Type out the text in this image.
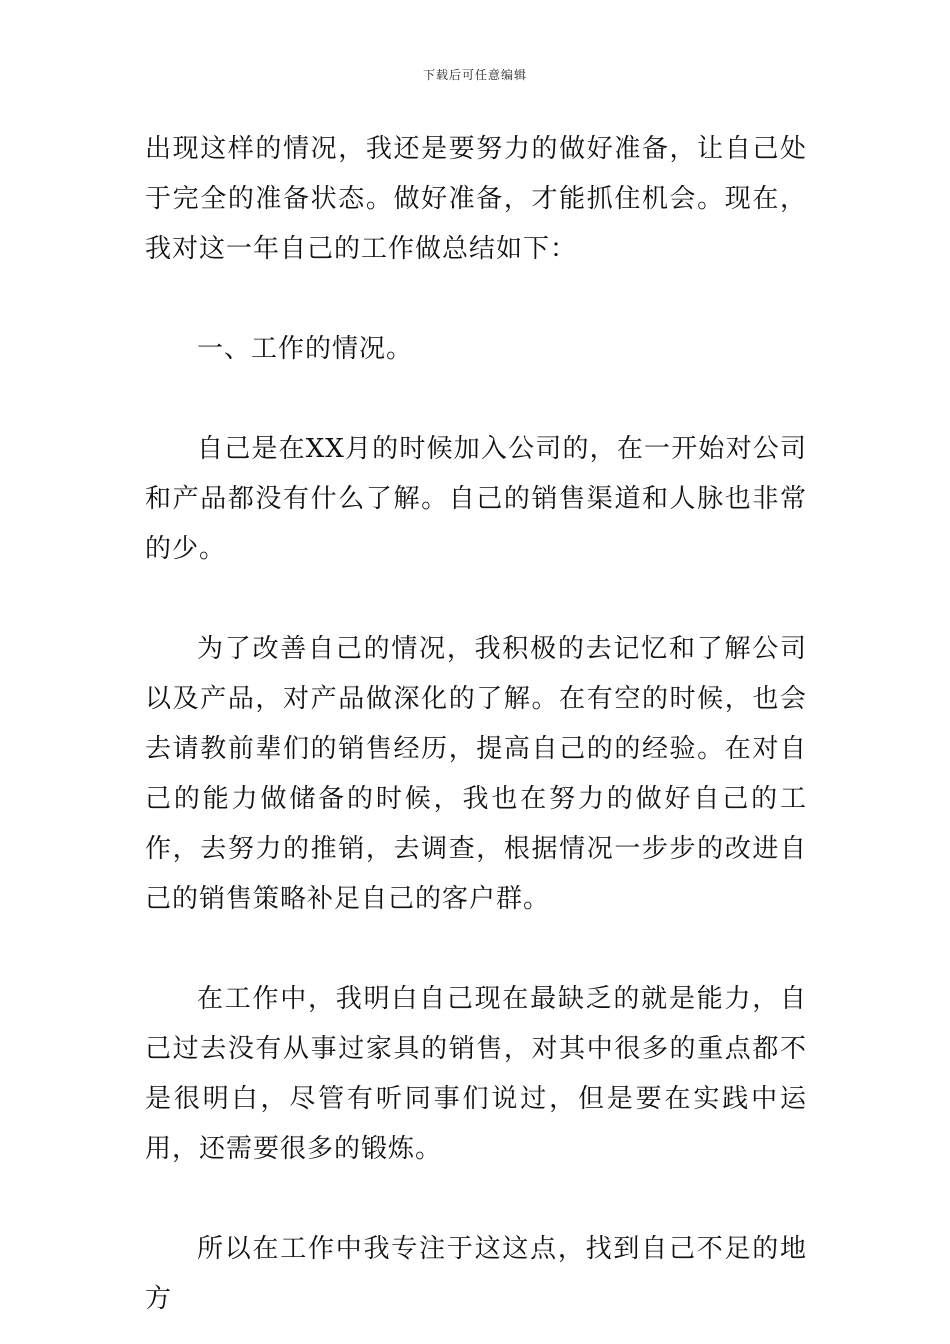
下载后可任意编辑

出现这样的情况，我还是要努力的做好准备，让自己处于完全的准备状态。做好准备，才能抓住机会。现在，我对这一年自己的工作做总结如下：

一、工作的情况。

自己是在XX月的时候加入公司的，在一开始对公司和产品都没有什么了解。自己的销售渠道和人脉也非常的少。

为了改善自己的情况，我积极的去记忆和了解公司以及产品，对产品做深化的了解。在有空的时候，也会去请教前辈们的销售经历，提高自己的的经验。在对自己的能力做储备的时候，我也在努力的做好自己的工作，去努力的推销，去调查，根据情况一步步的改进自己的销售策略补足自己的客户群。

在工作中，我明白自己现在最缺乏的就是能力，自己过去没有从事过家具的销售，对其中很多的重点都不是很明白，尽管有听同事们说过，但是要在实践中运用，还需要很多的锻炼。

所以在工作中我专注于这这点，找到自己不足的地方
